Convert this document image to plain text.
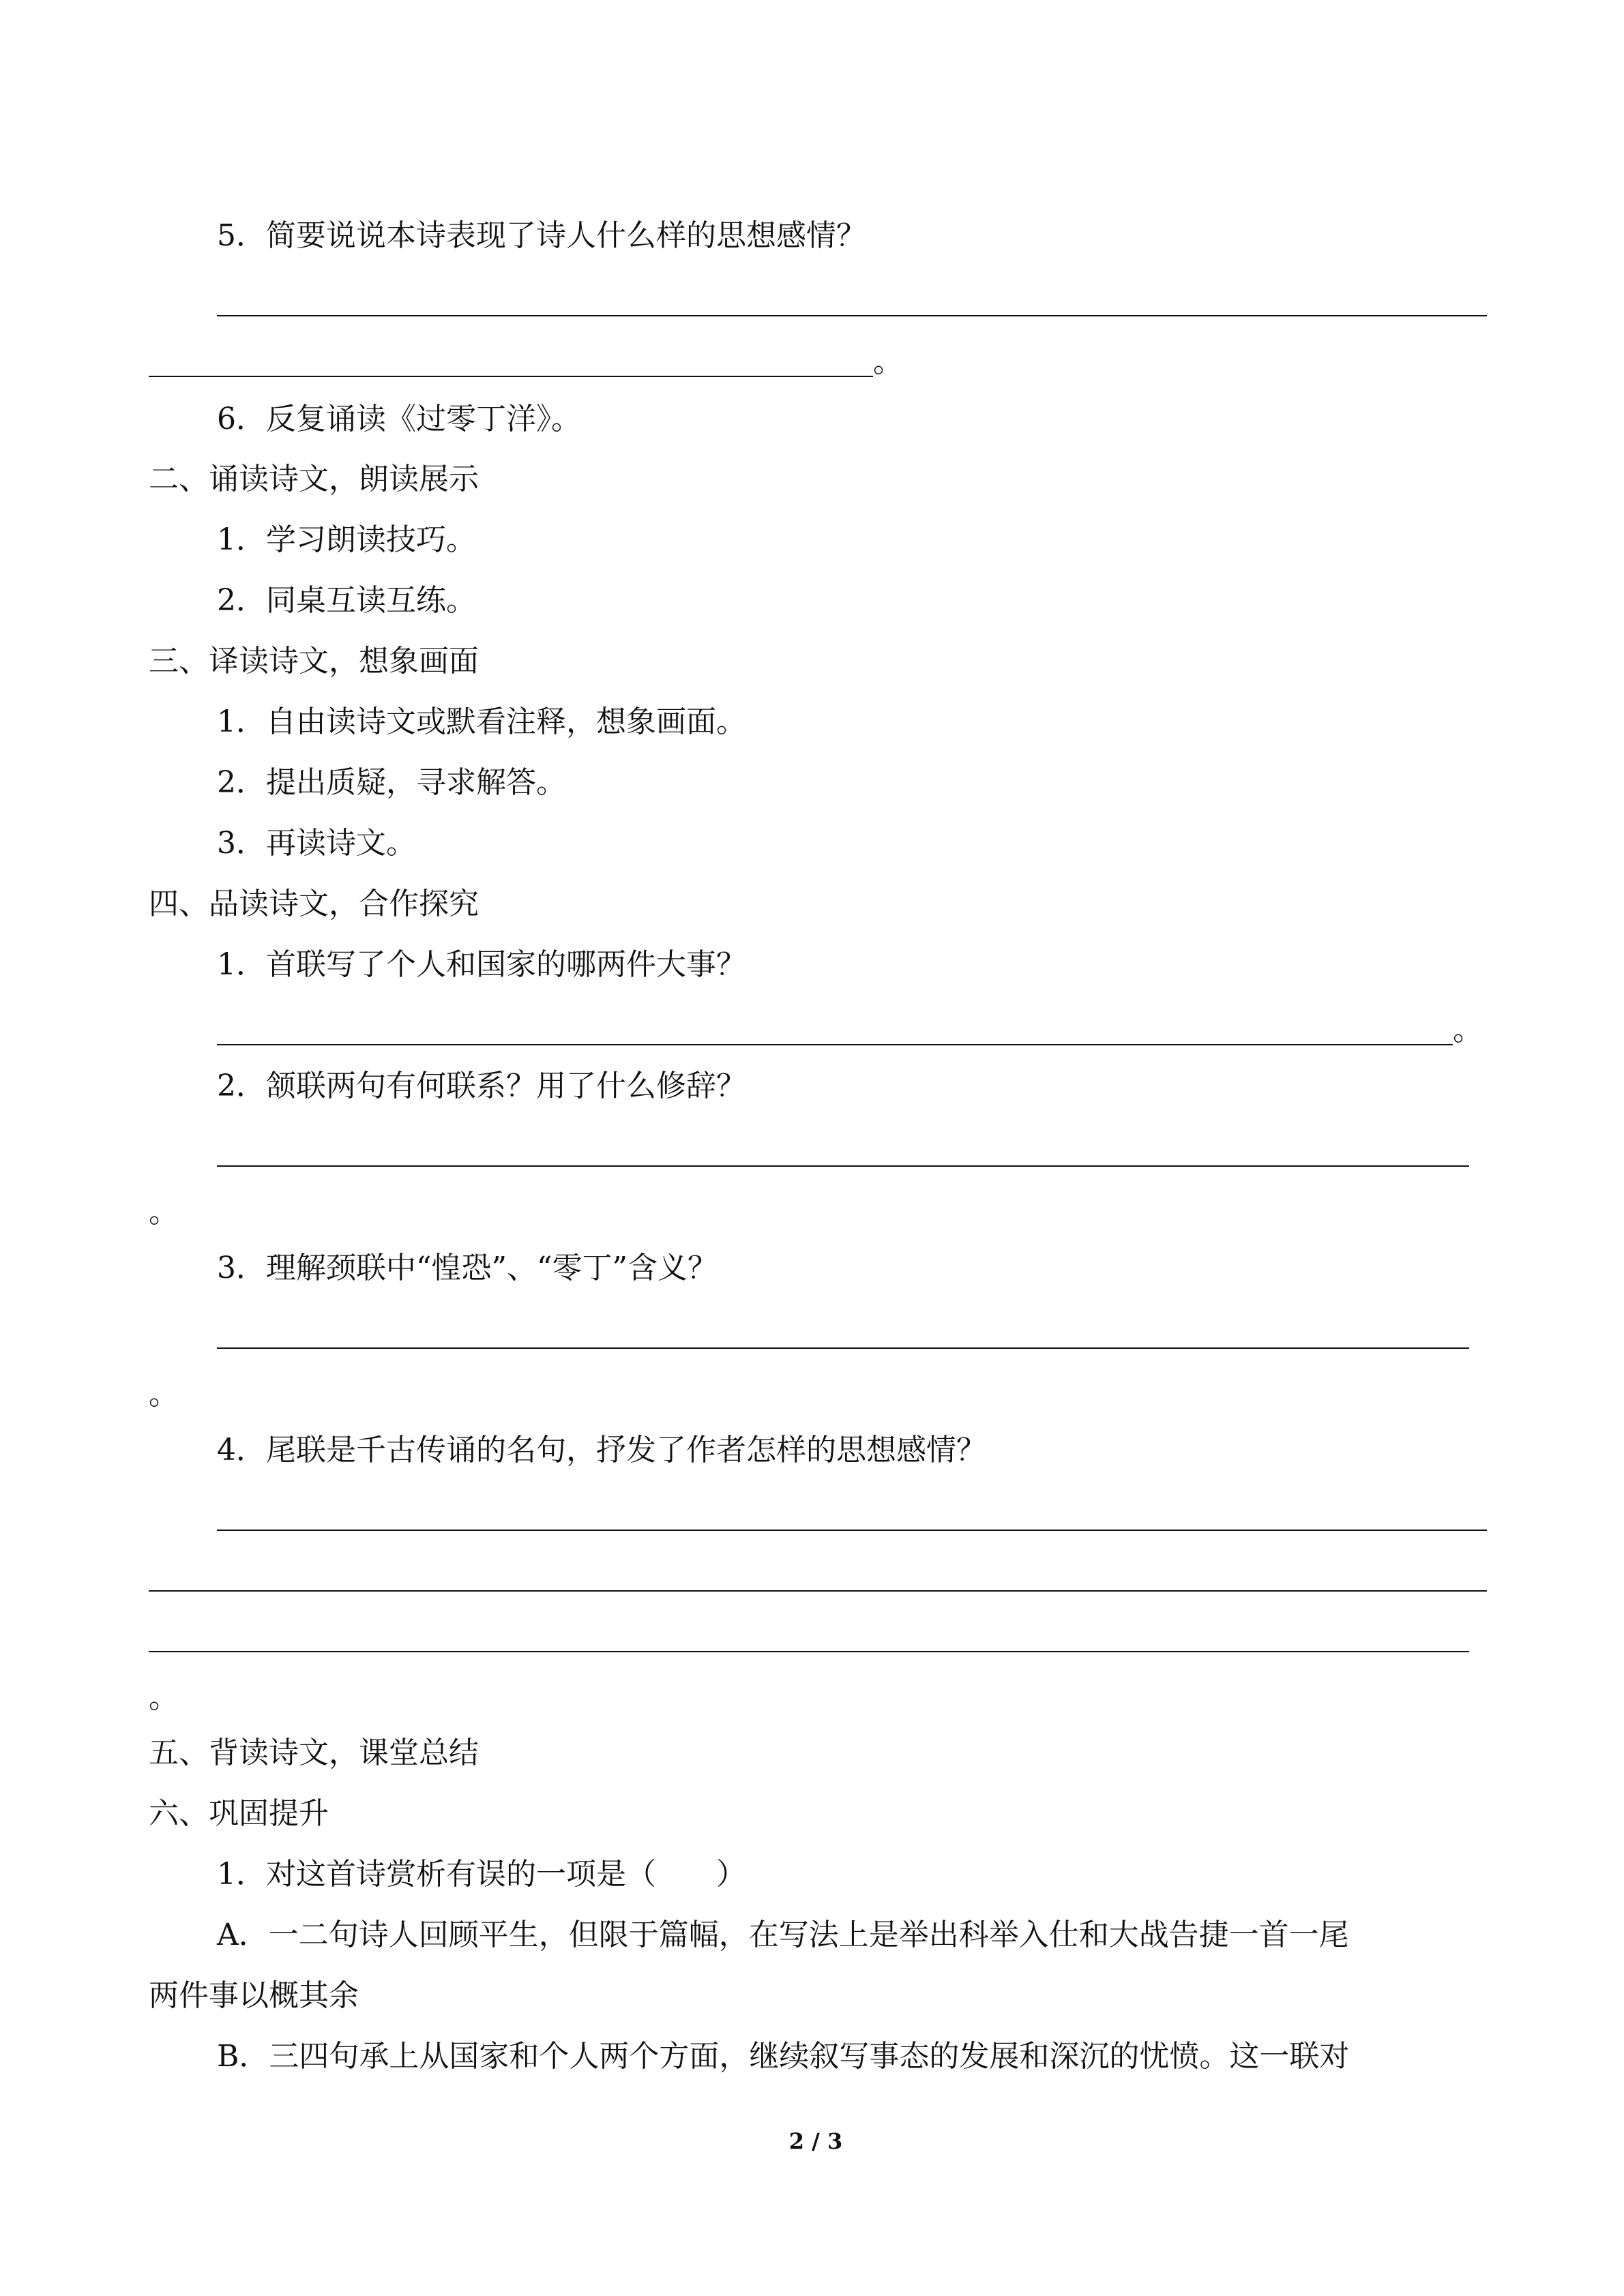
5．简要说说本诗表现了诗人什么样的思想感情？
。
6．反复诵读《过零丁洋》。
二、诵读诗文，朗读展示
1．学习朗读技巧。
2．同桌互读互练。
三、译读诗文，想象画面
1．自由读诗文或默看注释，想象画面。
2．提出质疑，寻求解答。
3．再读诗文。
四、品读诗文，合作探究
1．首联写了个人和国家的哪两件大事？
。
2．颔联两句有何联系？用了什么修辞？
。
3．理解颈联中“惶恐”、“零丁”含义？
。
4．尾联是千古传诵的名句，抒发了作者怎样的思想感情？
。
五、背读诗文，课堂总结
六、巩固提升
1．对这首诗赏析有误的一项是（　　）
A．一二句诗人回顾平生，但限于篇幅，在写法上是举出科举入仕和大战告捷一首一尾
两件事以概其余
B．三四句承上从国家和个人两个方面，继续叙写事态的发展和深沉的忧愤。这一联对
2 / 3
